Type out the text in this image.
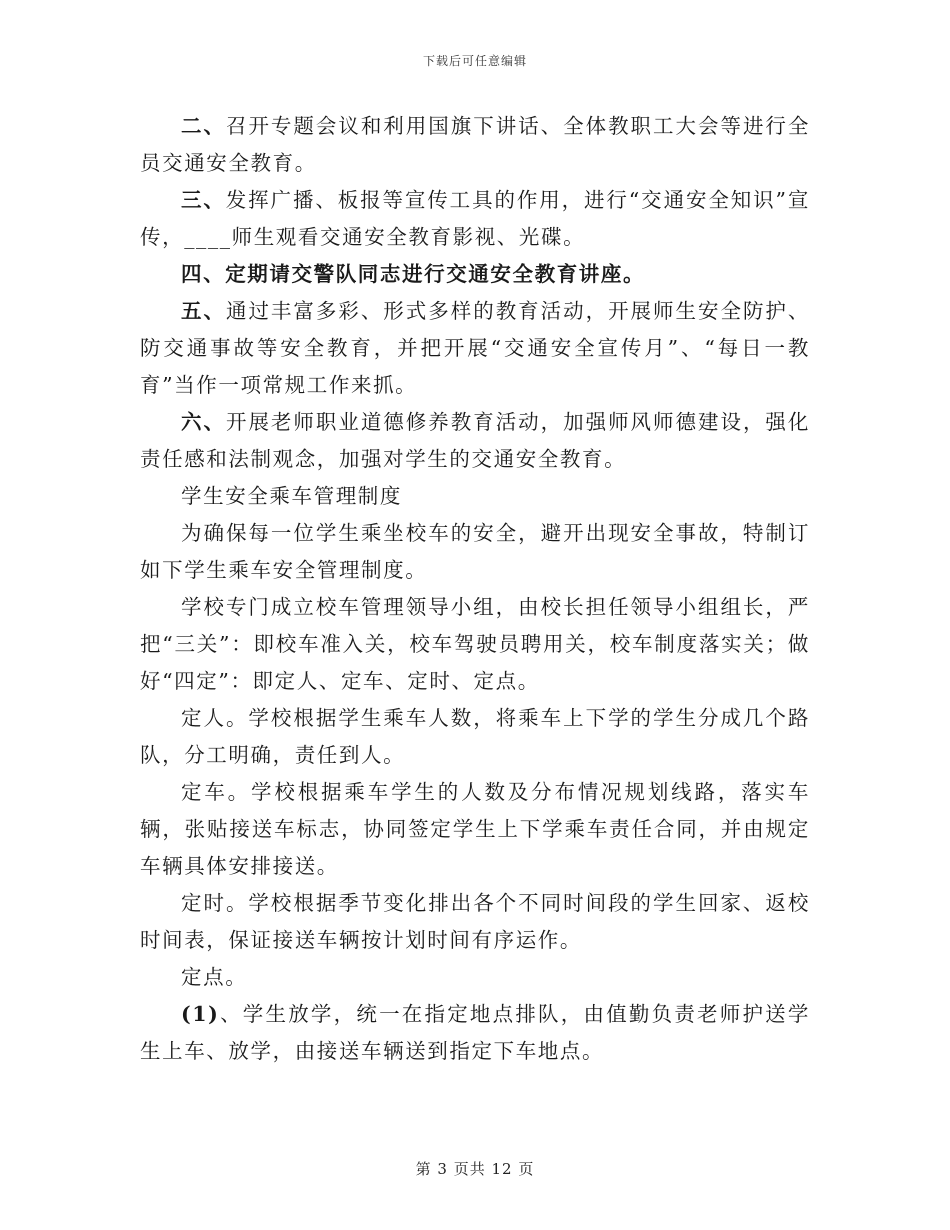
下载后可任意编辑

二、召开专题会议和利用国旗下讲话、全体教职工大会等进行全员交通安全教育。

三、发挥广播、板报等宣传工具的作用，进行“交通安全知识”宣传，____师生观看交通安全教育影视、光碟。

四、定期请交警队同志进行交通安全教育讲座。

五、通过丰富多彩、形式多样的教育活动，开展师生安全防护、防交通事故等安全教育，并把开展“交通安全宣传月”、“每日一教育”当作一项常规工作来抓。

六、开展老师职业道德修养教育活动，加强师风师德建设，强化责任感和法制观念，加强对学生的交通安全教育。

学生安全乘车管理制度

为确保每一位学生乘坐校车的安全，避开出现安全事故，特制订如下学生乘车安全管理制度。

学校专门成立校车管理领导小组，由校长担任领导小组组长，严把“三关”：即校车准入关，校车驾驶员聘用关，校车制度落实关；做好“四定”：即定人、定车、定时、定点。

定人。学校根据学生乘车人数，将乘车上下学的学生分成几个路队，分工明确，责任到人。

定车。学校根据乘车学生的人数及分布情况规划线路，落实车辆，张贴接送车标志，协同签定学生上下学乘车责任合同，并由规定车辆具体安排接送。

定时。学校根据季节变化排出各个不同时间段的学生回家、返校时间表，保证接送车辆按计划时间有序运作。

定点。

(1)、学生放学，统一在指定地点排队，由值勤负责老师护送学生上车、放学，由接送车辆送到指定下车地点。

第 3 页共 12 页
